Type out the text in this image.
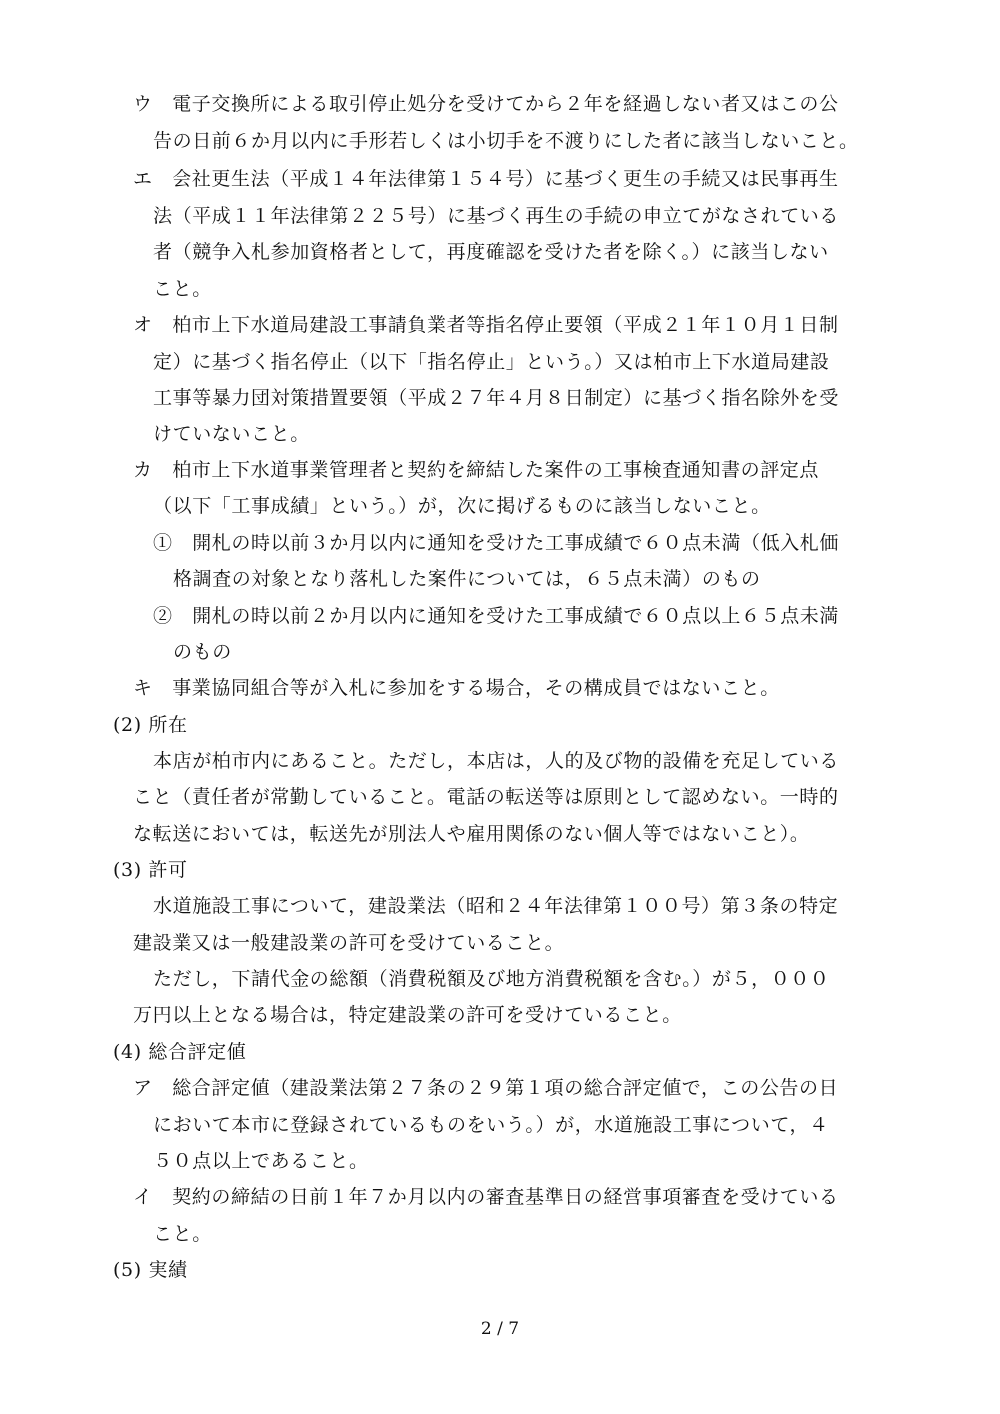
ウ　電子交換所による取引停止処分を受けてから２年を経過しない者又はこの公
告の日前６か月以内に手形若しくは小切手を不渡りにした者に該当しないこと。
エ　会社更生法（平成１４年法律第１５４号）に基づく更生の手続又は民事再生
法（平成１１年法律第２２５号）に基づく再生の手続の申立てがなされている
者（競争入札参加資格者として，再度確認を受けた者を除く。）に該当しない
こと。
オ　柏市上下水道局建設工事請負業者等指名停止要領（平成２１年１０月１日制
定）に基づく指名停止（以下「指名停止」という。）又は柏市上下水道局建設
工事等暴力団対策措置要領（平成２７年４月８日制定）に基づく指名除外を受
けていないこと。
カ　柏市上下水道事業管理者と契約を締結した案件の工事検査通知書の評定点
（以下「工事成績」という。）が，次に掲げるものに該当しないこと。
①　開札の時以前３か月以内に通知を受けた工事成績で６０点未満（低入札価
格調査の対象となり落札した案件については，６５点未満）のもの
②　開札の時以前２か月以内に通知を受けた工事成績で６０点以上６５点未満
のもの
キ　事業協同組合等が入札に参加をする場合，その構成員ではないこと。
(2) 所在
本店が柏市内にあること。ただし，本店は，人的及び物的設備を充足している
こと（責任者が常勤していること。電話の転送等は原則として認めない。一時的
な転送においては，転送先が別法人や雇用関係のない個人等ではないこと）。
(3) 許可
水道施設工事について，建設業法（昭和２４年法律第１００号）第３条の特定
建設業又は一般建設業の許可を受けていること。
ただし，下請代金の総額（消費税額及び地方消費税額を含む。）が５，０００
万円以上となる場合は，特定建設業の許可を受けていること。
(4) 総合評定値
ア　総合評定値（建設業法第２７条の２９第１項の総合評定値で，この公告の日
において本市に登録されているものをいう。）が，水道施設工事について，４
５０点以上であること。
イ　契約の締結の日前１年７か月以内の審査基準日の経営事項審査を受けている
こと。
(5) 実績
2 / 7
